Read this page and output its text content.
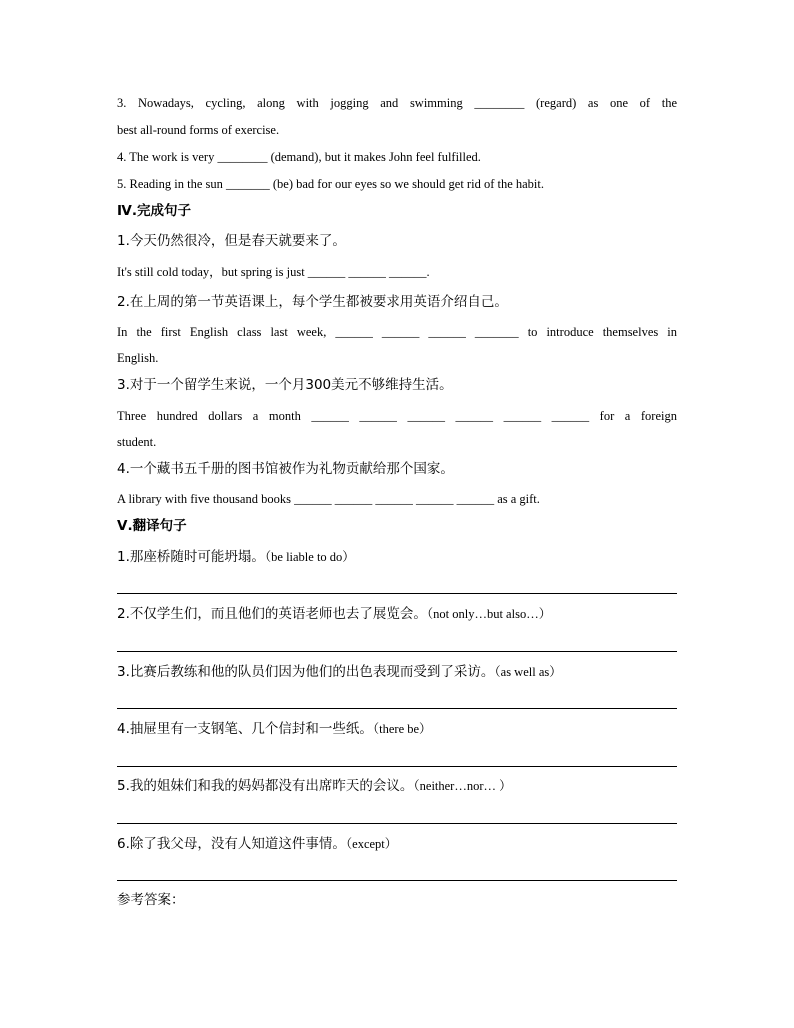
3. Nowadays, cycling, along with jogging and swimming ________ (regard) as one of the
best all-round forms of exercise.
4. The work is very ________ (demand), but it makes John feel fulfilled.
5. Reading in the sun _______ (be) bad for our eyes so we should get rid of the habit.
Ⅳ.完成句子
1.今天仍然很冷，但是春天就要来了。
It's still cold today，but spring is just ______ ______ ______.
2.在上周的第一节英语课上，每个学生都被要求用英语介绍自己。
In the first English class last week, ______ ______ ______ _______ to introduce themselves in
English.
3.对于一个留学生来说，一个月300美元不够维持生活。
Three hundred dollars a month ______ ______ ______ ______ ______ ______ for a foreign
student.
4.一个藏书五千册的图书馆被作为礼物贡献给那个国家。
A library with five thousand books ______ ______ ______ ______ ______ as a gift.
Ⅴ.翻译句子
1.那座桥随时可能坍塌。（be liable to do）
2.不仅学生们，而且他们的英语老师也去了展览会。（not only…but also…）
3.比赛后教练和他的队员们因为他们的出色表现而受到了采访。（as well as）
4.抽屉里有一支钢笔、几个信封和一些纸。（there be）
5.我的姐妹们和我的妈妈都没有出席昨天的会议。（neither…nor… ）
6.除了我父母，没有人知道这件事情。（except）
参考答案：
